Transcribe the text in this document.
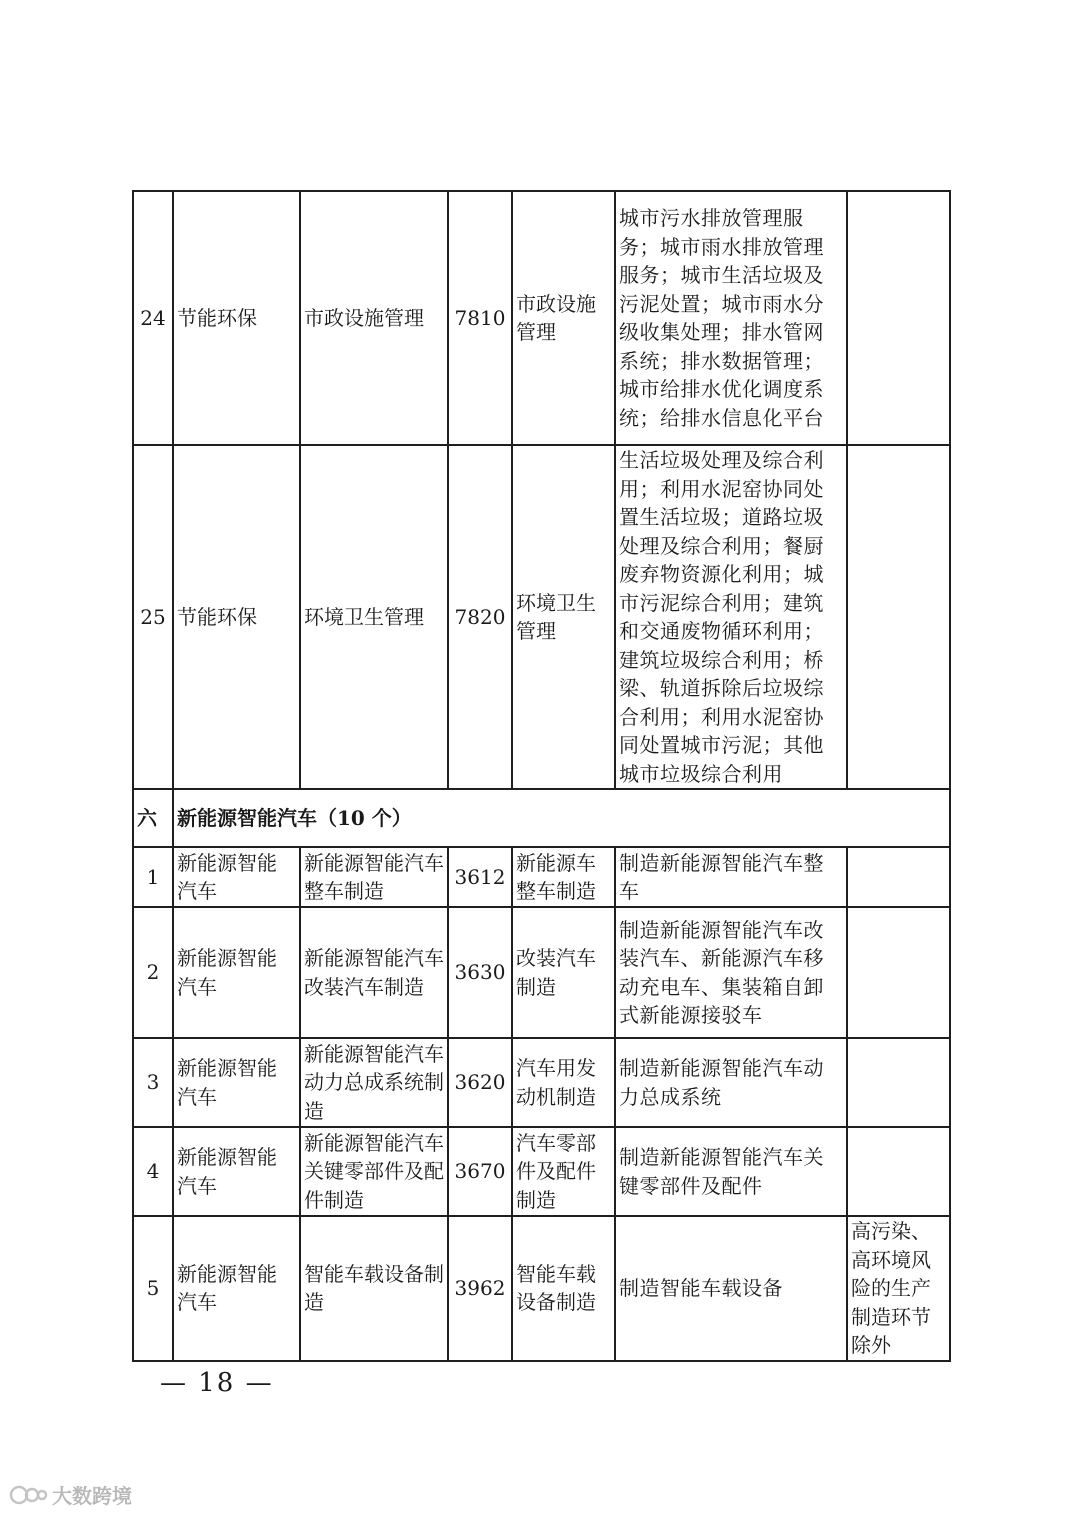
24	节能环保	市政设施管理	7810	市政设施管理	城市污水排放管理服务；城市雨水排放管理服务；城市生活垃圾及污泥处置；城市雨水分级收集处理；排水管网系统；排水数据管理；城市给排水优化调度系统；给排水信息化平台	
25	节能环保	环境卫生管理	7820	环境卫生管理	生活垃圾处理及综合利用；利用水泥窑协同处置生活垃圾；道路垃圾处理及综合利用；餐厨废弃物资源化利用；城市污泥综合利用；建筑和交通废物循环利用；建筑垃圾综合利用；桥梁、轨道拆除后垃圾综合利用；利用水泥窑协同处置城市污泥；其他城市垃圾综合利用	
六	新能源智能汽车（10 个）					
1	新能源智能汽车	新能源智能汽车整车制造	3612	新能源车整车制造	制造新能源智能汽车整车	
2	新能源智能汽车	新能源智能汽车改装汽车制造	3630	改装汽车制造	制造新能源智能汽车改装汽车、新能源汽车移动充电车、集装箱自卸式新能源接驳车	
3	新能源智能汽车	新能源智能汽车动力总成系统制造	3620	汽车用发动机制造	制造新能源智能汽车动力总成系统	
4	新能源智能汽车	新能源智能汽车关键零部件及配件制造	3670	汽车零部件及配件制造	制造新能源智能汽车关键零部件及配件	
5	新能源智能汽车	智能车载设备制造	3962	智能车载设备制造	制造智能车载设备	高污染、高环境风险的生产制造环节除外
— 18 —
大数跨境
